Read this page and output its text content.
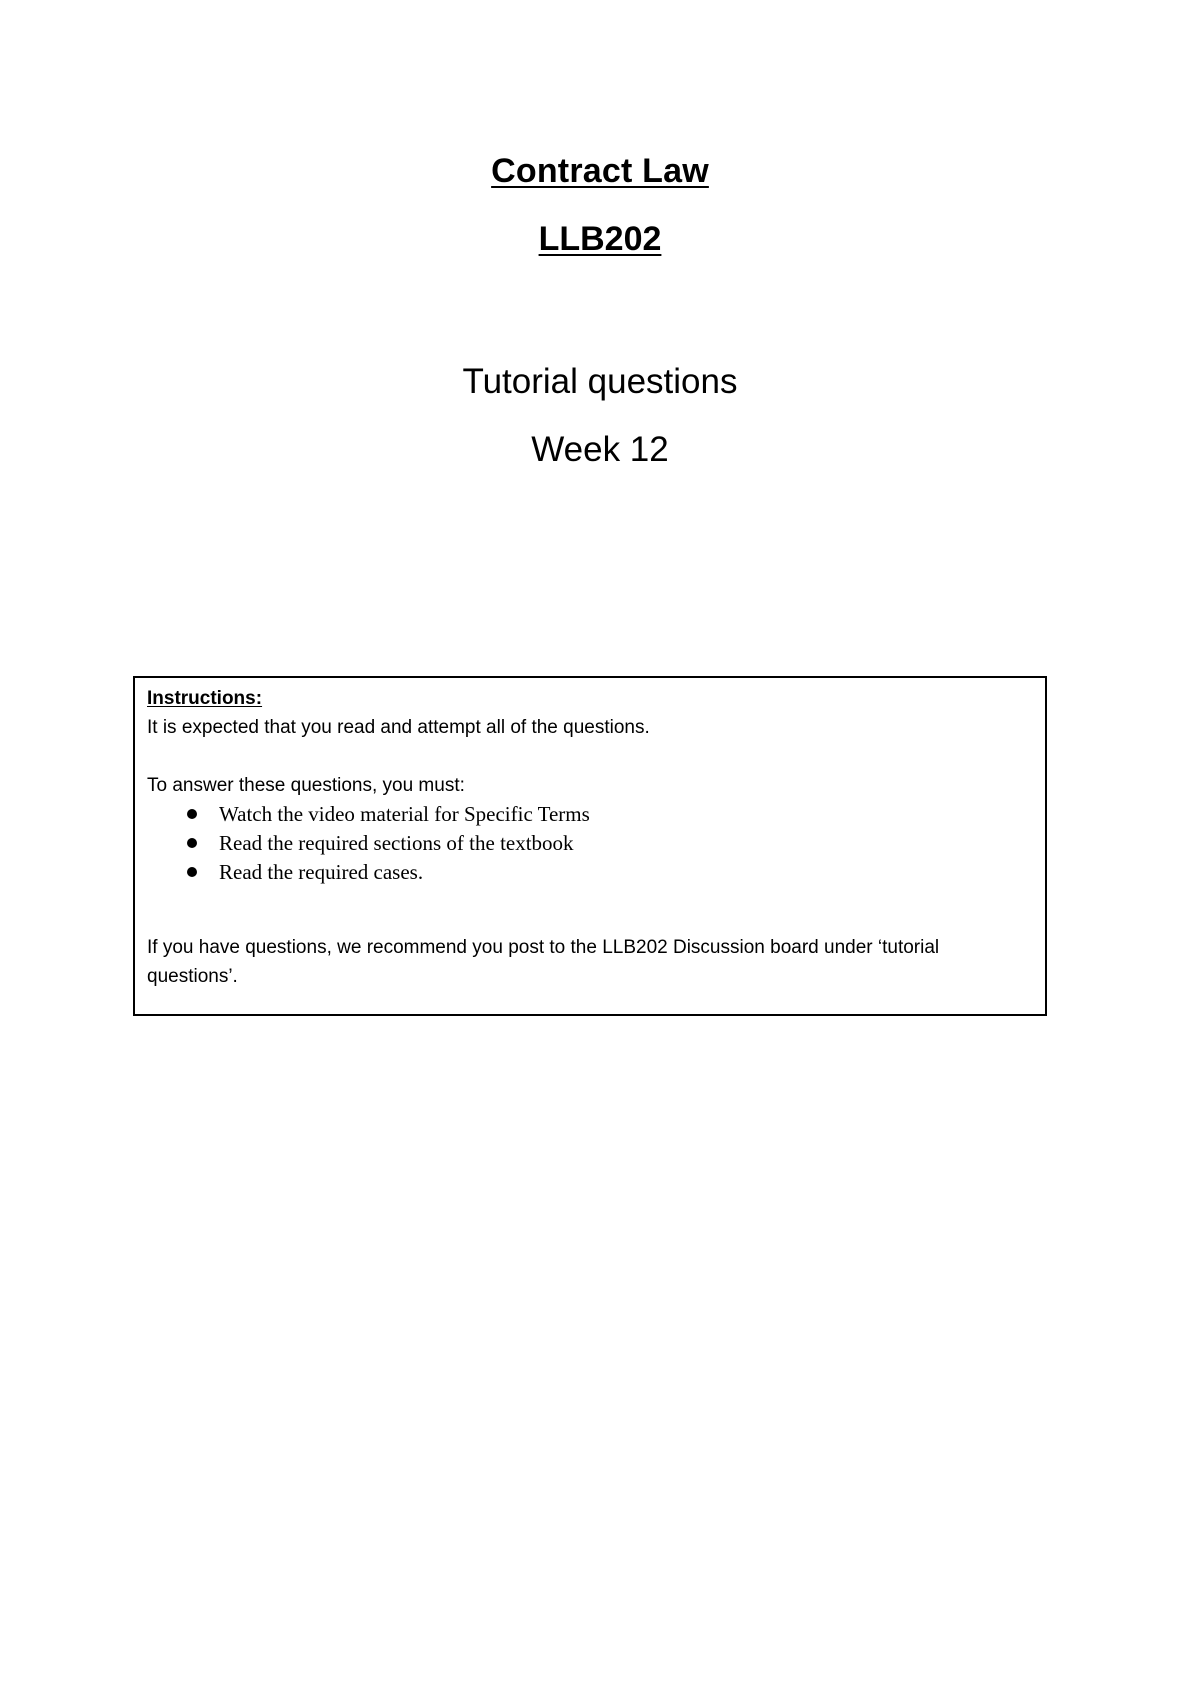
Contract Law
LLB202
Tutorial questions
Week 12
Instructions:
It is expected that you read and attempt all of the questions.
To answer these questions, you must:
Watch the video material for Specific Terms
Read the required sections of the textbook
Read the required cases.
If you have questions, we recommend you post to the LLB202 Discussion board under ‘tutorial questions’.
